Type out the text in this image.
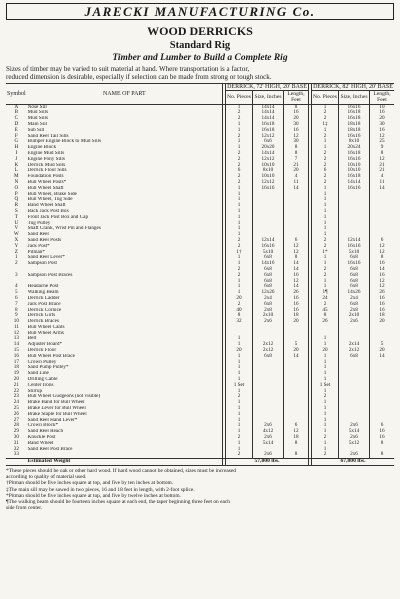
JARECKI MANUFACTURING Co.
WOOD DERRICKS
Standard Rig
Timber and Lumber to Build a Complete Rig
Sizes of timber may be varied to suit material at hand. Where transportation is a factor,
reduced dimension is desirable, especially if selection can be made from strong or tough stock.
Symbol	NAME OF PART		DERRICK, 72' HIGH, 20' BASE				DERRICK, 82' HIGH, 20' BASE		
			No. Pieces	Size, Inches	Length, Feet		No. Pieces	Size, Inches	Length, Feet
A	Nose Sill		1	14x14	8		1	16x16	10
B	Mud Sills		2	14x14	16		2	16x18	16
C	Mud Sills		2	14x14	20		2	16x18	20
D	Main Sill		1	16x18	30		1‡	18x18	30
E	Sub Sill		1	16x18	16		1	18x18	16
F	Sand Reel Tail Sills		2	12x12	12		2	16x16	12
G	Bumper Engine Block to Mud Sills		1	6x6	30		1	8x10	25
H	Engine Block		1	20x20	8		1	20x24	9
I	Engine Mud Sills		2	14x14	8		2	16x18	8
J	Engine Pony Sills		2	12x12	7		2	16x16	12
K	Derrick Mud Sills		2	10x10	21		2	10x10	21
L	Derrick Floor Sills		6	8x10	20		6	10x10	21
M	Foundation Posts		2	10x10	4		2	16x18	4
N	Bull Wheel Posts*		2	12x12	11		2	14x14	11
O	Bull Wheel Shaft		1	16x16	14		1	16x16	14
P	Bull Wheel, Brake Side		1				1		
Q	Bull Wheel, Tug Side		1				1		
R	Band Wheel Shaft		1				1		
S	Back Jack Post Box		1				1		
T	Front Jack Post Box and Cap		1				1		
U	Tug Pulley		1				1		
V	Shaft Crank, Wrist Pin and Flanges		1				1		
W	Sand Reel		1				1		
X	Sand Reel Posts		2	12x14	6		2	12x14	6
Y	Jack Post*		2	16x16	12		2	16x16	12
Z	Pitman*		1†	5x10	12		1*	5x10	12
1	Sand Reel Lever*		1	6x8	8		1	6x8	8
2	Sampson Post		1	14x16	14		1	16x16	16
			2	6x8	14		2	6x8	14
3	Sampson Post Braces		2	6x8	16		2	6x8	16
			1	6x8	12		1	6x8	12
4	Headache Post		1	6x8	14		1	6x8	12
5	Walking Beam		1	12x26	26		1¶	14x26	26
6	Derrick Ladder		20	2x4	16		24	2x4	16
7	Jack Post Brace		2	6x8	16		2	6x8	16
8	Derrick Cornice		40	2x8	16		45	2x8	16
9	Derrick Girts		8	2x10	18		8	2x10	18
10	Derrick Braces		32	2x6	20		26	2x6	20
11	Bull Wheel Cants								
12	Bull Wheel Arms								
13	Belt		1				1		
14	Adjuster Board*		1	2x12	5		1	2x14	5
15	Derrick Floor		20	2x12	20		20	2x12	20
16	Bull Wheel Post Brace		1	6x8	14		1	6x8	14
17	Crown Pulley		1				1		
18	Sand Pump Pulley*		1				1		
19	Sand Line		1				1		
20	Drilling Cable		1				1		
21	Center Irons		1 Set				1 Set		
22	Stirrup		1				1		
23	Bull Wheel Gudgeons (not visible)		2				2		
24	Brake Band for Bull Wheel		1				1		
25	Brake Lever for Bull Wheel		1				1		
26	Brake Staple for Bull Wheel		1				1		
27	Sand Reel Hand Lever*		1				1		
28	Crown Block*		1	2x6	6		1	2x6	6
29	Sand Reel Reach		1	4x12	12		1	5x14	16
30	Knuckle Post		2	2x6	18		2	2x6	16
31	Band Wheel		1	5x14	8		1	5x12	8
32	Sand Reel Post Brace		1				1		
33			2	2x6	8		2	2x6	8
	Estimated Weight		57,000 lbs.				67,000 lbs.		
*These pieces should be oak or other hard wood. If hard wood cannot be obtained, sizes must be increased
according to quality of material used.
†Pitman should be five inches square at top, and five by ten inches at bottom.
‡The main sill may be sawed in two pieces, 16 and 18 feet in length, with 2-foot splice.
*Pitman should be five inches square at top, and five by twelve inches at bottom.
¶The walking beam should be fourteen inches square at each end, the taper beginning three feet on each
side from center.
